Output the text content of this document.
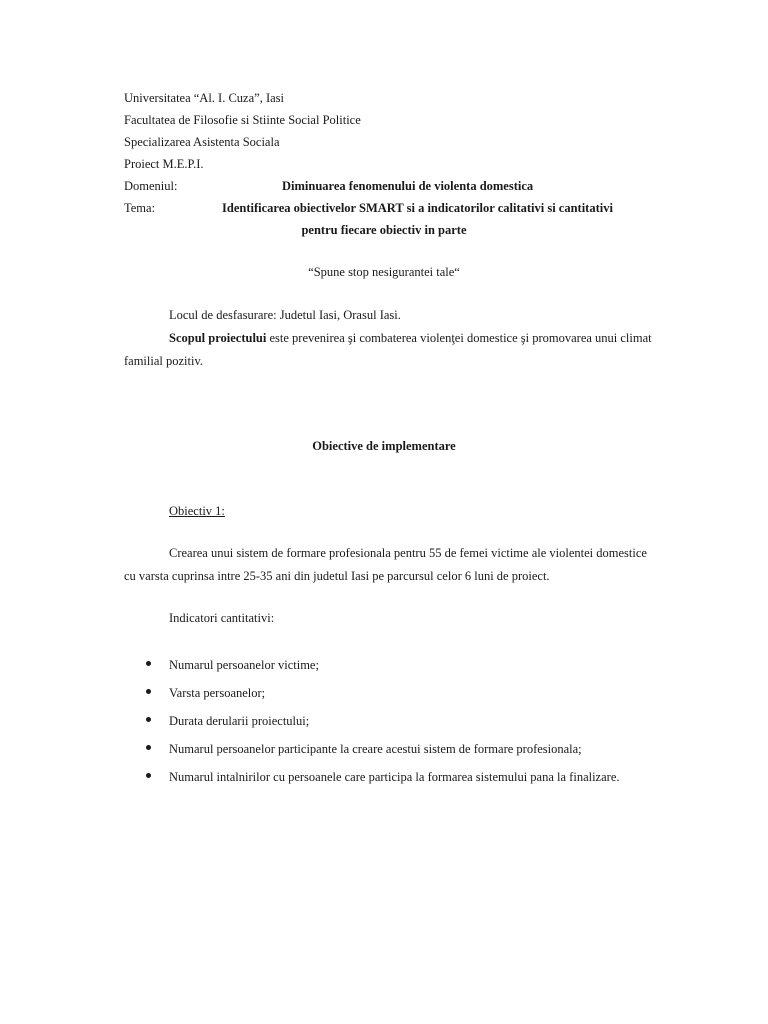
Universitatea “Al. I. Cuza”, Iasi
Facultatea de Filosofie si Stiinte Social Politice
Specializarea Asistenta Sociala
Proiect M.E.P.I.
Domeniul:	Diminuarea fenomenului de violenta domestica
Tema:	Identificarea obiectivelor SMART si a indicatorilor calitativi si cantitativi
pentru fiecare obiectiv in parte
“Spune stop nesigurantei tale“
Locul de desfasurare: Judetul Iasi, Orasul Iasi.
Scopul proiectului este prevenirea şi combaterea violenţei domestice şi promovarea unui climat
familial pozitiv.
Obiective de implementare
Obiectiv 1:
Crearea unui sistem de formare profesionala pentru 55 de femei victime ale violentei domestice
cu varsta cuprinsa intre 25-35 ani din judetul Iasi pe parcursul celor 6 luni de proiect.
Indicatori cantitativi:
Numarul persoanelor victime;
Varsta persoanelor;
Durata derularii proiectului;
Numarul persoanelor participante la creare acestui sistem de formare profesionala;
Numarul intalnirilor cu persoanele care participa la formarea sistemului pana la finalizare.
